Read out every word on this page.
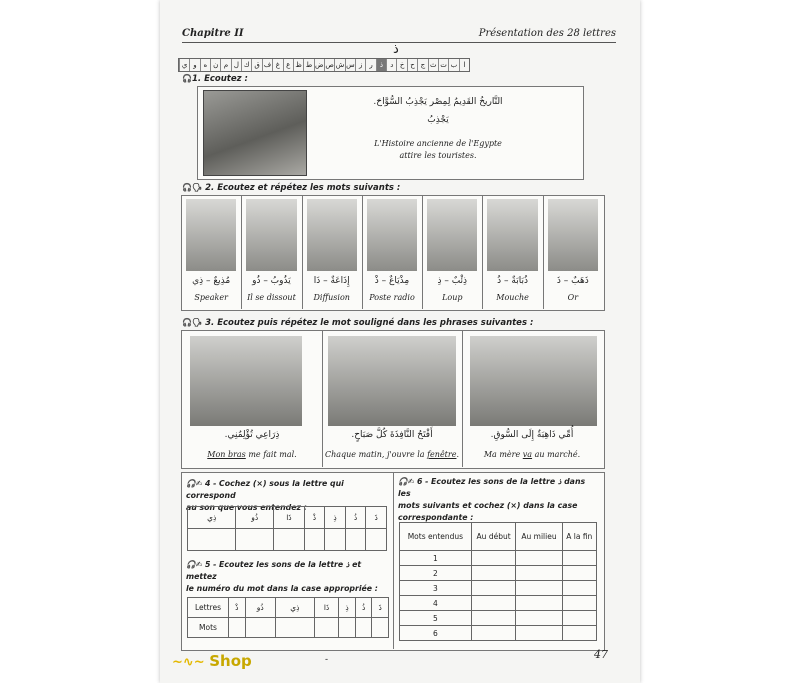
Chapitre II	Présentation des 28 lettres
ذ
ا
ب
ت
ث
ج
ح
خ
د
ذ
ر
ز
س
ش
ص
ض
ط
ظ
ع
غ
ف
ق
ك
ل
م
ن
ه
و
ي
🎧1. Ecoutez :
التَّاريخُ القَدِيمُ لِمِصْر يَجْذِبُ السُّوَّاحَ.
يَجْذِبُ
L'Histoire ancienne de l'Egypte
attire les touristes.
🎧🗣 2. Ecoutez et répétez les mots suivants :
مُذِيعٌ – ذِي
Speaker
يَذُوبُ – ذُو
Il se dissout
إِذَاعَةٌ – ذَا
Diffusion
مِذْيَاعٌ – ذْ
Poste radio
ذِئْبٌ – ذِ
Loup
ذُبَابَةٌ – ذُ
Mouche
ذَهَبٌ – ذَ
Or
🎧🗣 3. Ecoutez puis répétez le mot souligné dans les phrases suivantes :
ذِرَاعِي تُؤْلِمُنِي.	أَفْتَحُ النَّافِذَةَ كُلَّ صَبَاحٍ.	أُمِّي ذَاهِبَةٌ إِلَى السُّوقِ.
Mon bras me fait mal.	Chaque matin, j'ouvre la fenêtre.	Ma mère va au marché.
🎧✍ 4 - Cochez (×) sous la lettre qui correspond
au son que vous entendez :
ذِي	ذُو	ذَا	ذْ	ذِ	ذُ	ذَ

🎧✍ 5 - Ecoutez les sons de la lettre ذ et mettez
le numéro du mot dans la case appropriée :
Lettres	ذْ	ذُو	ذِي	ذَا	ذِ	ذُ	ذَ
Mots							
🎧✍ 6 - Ecoutez les sons de la lettre ذ dans les
mots suivants et cochez (×) dans la case
correspondante :
Mots entendus	Au début	Au milieu	A la fin
1			
2			
3			
4			
5			
6			
~∿~ Shop	-	47
